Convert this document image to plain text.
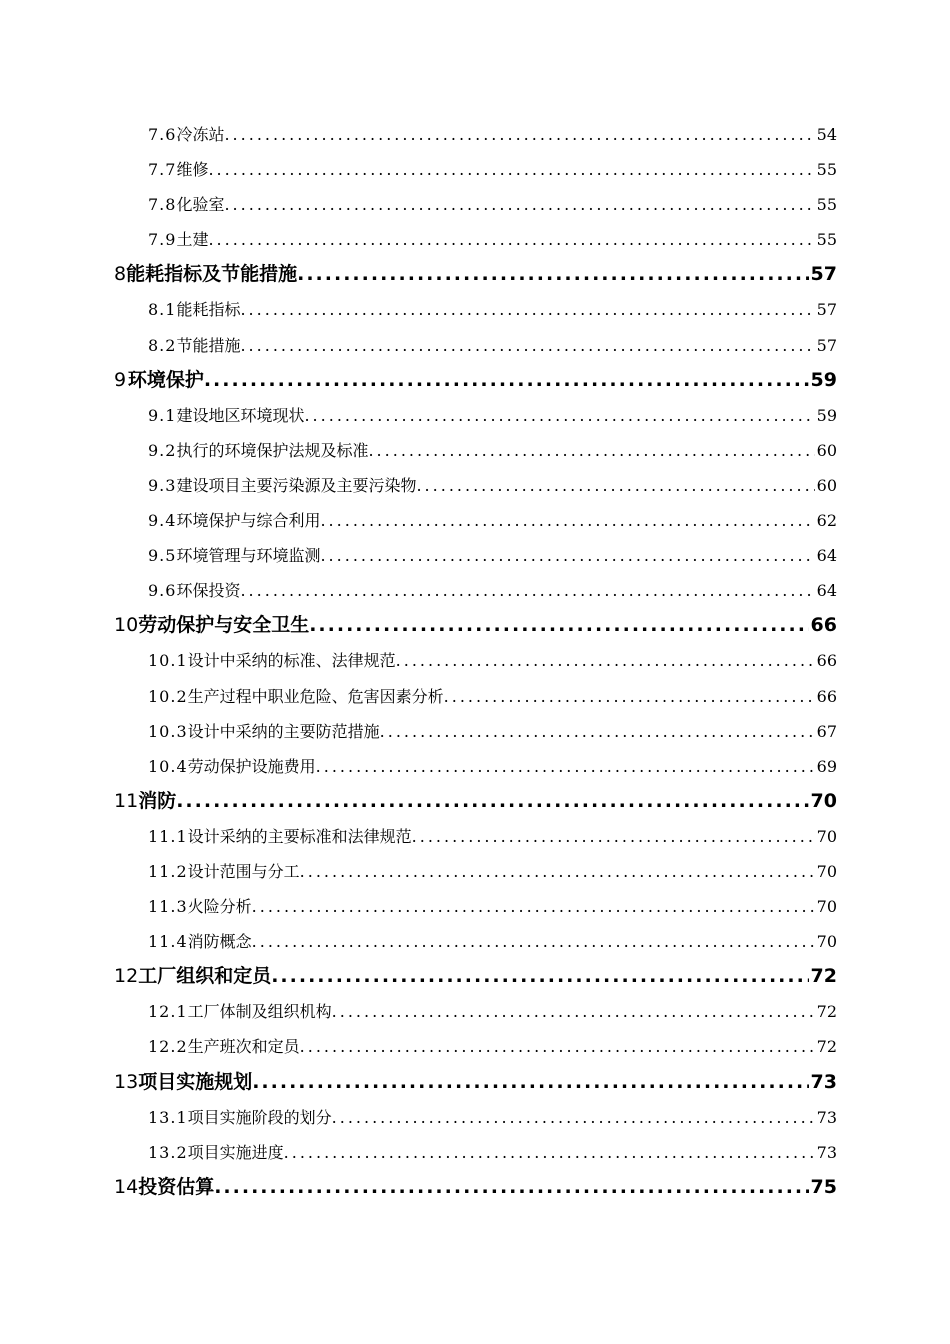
7.6 冷冻站 .....	54
7.7 维修 .....	55
7.8 化验室 .....	55
7.9 土建 .....	55
8 能耗指标及节能措施 .....	57
8.1 能耗指标 .....	57
8.2 节能措施 .....	57
9 环境保护 .....	59
9.1 建设地区环境现状 .....	59
9.2 执行的环境保护法规及标准 .....	60
9.3 建设项目主要污染源及主要污染物 .....	60
9.4 环境保护与综合利用 .....	62
9.5 环境管理与环境监测 .....	64
9.6 环保投资 .....	64
10 劳动保护与安全卫生 .....	66
10.1 设计中采纳的标准、法律规范 .....	66
10.2 生产过程中职业危险、危害因素分析 .....	66
10.3 设计中采纳的主要防范措施 .....	67
10.4 劳动保护设施费用 .....	69
11 消防 .....	70
11.1 设计采纳的主要标准和法律规范 .....	70
11.2 设计范围与分工 .....	70
11.3 火险分析 .....	70
11.4 消防概念 .....	70
12 工厂组织和定员 .....	72
12.1 工厂体制及组织机构 .....	72
12.2 生产班次和定员 .....	72
13 项目实施规划 .....	73
13.1 项目实施阶段的划分 .....	73
13.2 项目实施进度 .....	73
14 投资估算 .....	75
